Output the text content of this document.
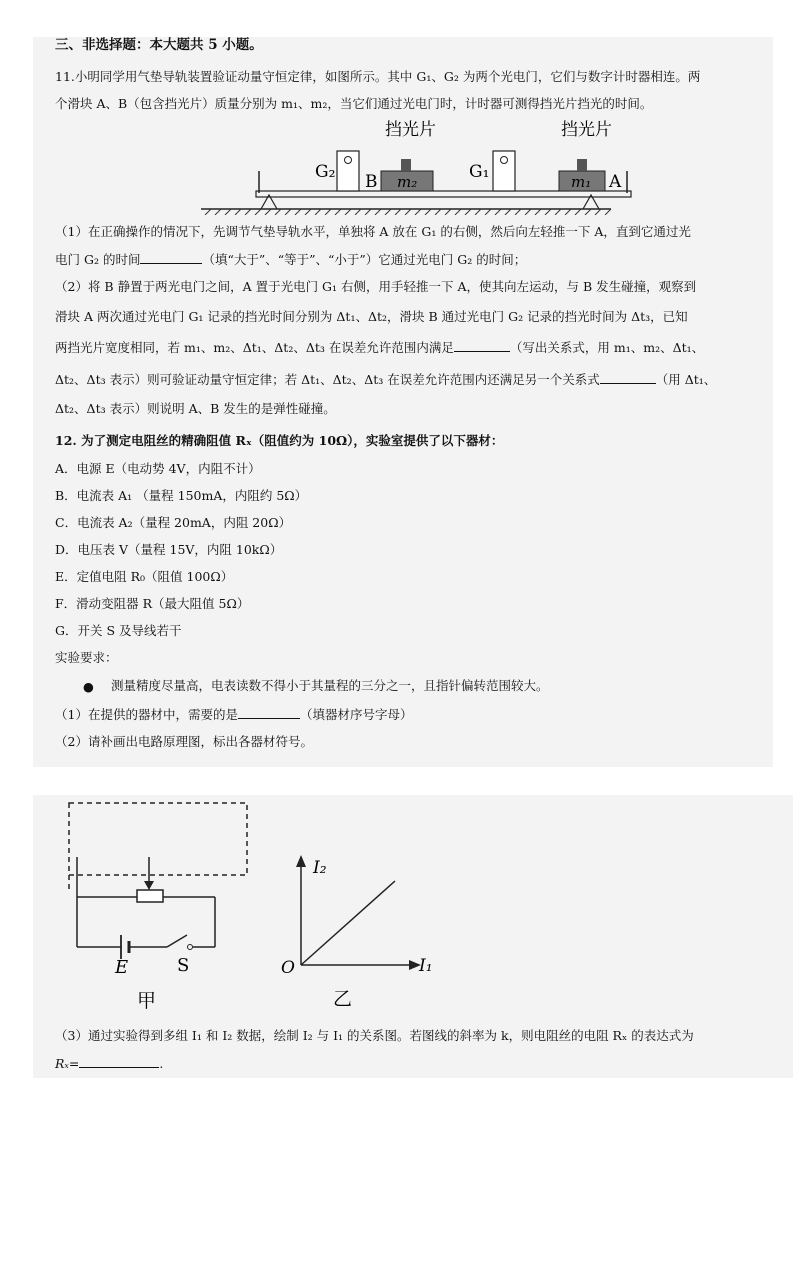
三、非选择题：本大题共 5 小题。
11.小明同学用气垫导轨装置验证动量守恒定律，如图所示。其中 G₁、G₂ 为两个光电门，它们与数字计时器相连。两
个滑块 A、B（包含挡光片）质量分别为 m₁、m₂，当它们通过光电门时，计时器可测得挡光片挡光的时间。
挡光片	挡光片
G₂ B m₂	G₁	m₁ A
（1）在正确操作的情况下，先调节气垫导轨水平，单独将 A 放在 G₁ 的右侧，然后向左轻推一下 A，直到它通过光
电门 G₂ 的时间	（填“大于”、“等于”、“小于”）它通过光电门 G₂ 的时间；
（2）将 B 静置于两光电门之间，A 置于光电门 G₁ 右侧，用手轻推一下 A，使其向左运动，与 B 发生碰撞，观察到
滑块 A 两次通过光电门 G₁ 记录的挡光时间分别为 Δt₁、Δt₂，滑块 B 通过光电门 G₂ 记录的挡光时间为 Δt₃，已知
两挡光片宽度相同，若 m₁、m₂、Δt₁、Δt₂、Δt₃ 在误差允许范围内满足	（写出关系式，用 m₁、m₂、Δt₁、
Δt₂、Δt₃ 表示）则可验证动量守恒定律；若 Δt₁、Δt₂、Δt₃ 在误差允许范围内还满足另一个关系式	（用 Δt₁、
Δt₂、Δt₃ 表示）则说明 A、B 发生的是弹性碰撞。
12. 为了测定电阻丝的精确阻值 Rₓ（阻值约为 10Ω），实验室提供了以下器材：
A．电源 E（电动势 4V，内阻不计）
B．电流表 A₁ （量程 150mA，内阻约 5Ω）
C．电流表 A₂（量程 20mA，内阻 20Ω）
D．电压表 V（量程 15V，内阻 10kΩ）
E．定值电阻 R₀（阻值 100Ω）
F．滑动变阻器 R（最大阻值 5Ω）
G．开关 S 及导线若干
实验要求：
● 测量精度尽量高，电表读数不得小于其量程的三分之一，且指针偏转范围较大。
（1）在提供的器材中，需要的是	（填器材序号字母）
（2）请补画出电路原理图，标出各器材符号。
E	S
甲
I₂
I₁
O
乙
（3）通过实验得到多组 I₁ 和 I₂ 数据，绘制 I₂ 与 I₁ 的关系图。若图线的斜率为 k，则电阻丝的电阻 Rₓ 的表达式为
Rₓ=	.
